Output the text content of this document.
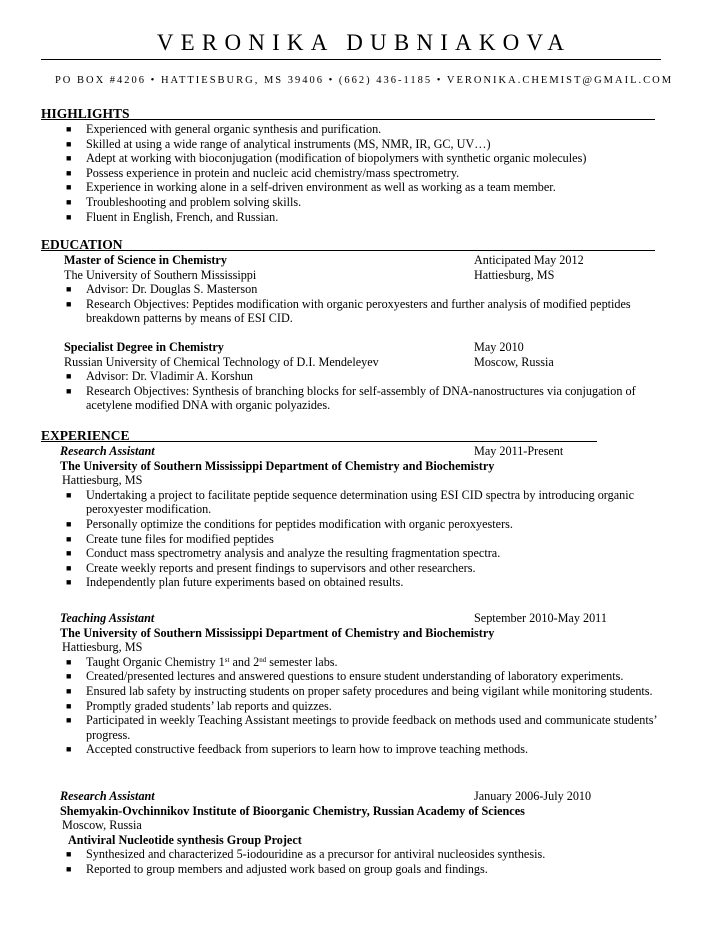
VERONIKA DUBNIAKOVA
PO BOX #4206 • HATTIESBURG, MS 39406 • (662) 436-1185 • VERONIKA.CHEMIST@GMAIL.COM
HIGHLIGHTS
■ Experienced with general organic synthesis and purification.
■ Skilled at using a wide range of analytical instruments (MS, NMR, IR, GC, UV…)
■ Adept at working with bioconjugation (modification of biopolymers with synthetic organic molecules)
■ Possess experience in protein and nucleic acid chemistry/mass spectrometry.
■ Experience in working alone in a self-driven environment as well as working as a team member.
■ Troubleshooting and problem solving skills.
■ Fluent in English, French, and Russian.
EDUCATION
Master of Science in Chemistry	Anticipated May 2012
The University of Southern Mississippi	Hattiesburg, MS
■ Advisor: Dr. Douglas S. Masterson
■ Research Objectives: Peptides modification with organic peroxyesters and further analysis of modified peptides breakdown patterns by means of ESI CID.
Specialist Degree in Chemistry	May 2010
Russian University of Chemical Technology of D.I. Mendeleyev	Moscow, Russia
■ Advisor: Dr. Vladimir A. Korshun
■ Research Objectives: Synthesis of branching blocks for self-assembly of DNA-nanostructures via conjugation of acetylene modified DNA with organic polyazides.
EXPERIENCE
Research Assistant	May 2011-Present
The University of Southern Mississippi Department of Chemistry and Biochemistry
Hattiesburg, MS
■ Undertaking a project to facilitate peptide sequence determination using ESI CID spectra by introducing organic peroxyester modification.
■ Personally optimize the conditions for peptides modification with organic peroxyesters.
■ Create tune files for modified peptides
■ Conduct mass spectrometry analysis and analyze the resulting fragmentation spectra.
■ Create weekly reports and present findings to supervisors and other researchers.
■ Independently plan future experiments based on obtained results.
Teaching Assistant	September 2010-May 2011
The University of Southern Mississippi Department of Chemistry and Biochemistry
Hattiesburg, MS
■ Taught Organic Chemistry 1st and 2nd semester labs.
■ Created/presented lectures and answered questions to ensure student understanding of laboratory experiments.
■ Ensured lab safety by instructing students on proper safety procedures and being vigilant while monitoring students.
■ Promptly graded students’ lab reports and quizzes.
■ Participated in weekly Teaching Assistant meetings to provide feedback on methods used and communicate students’ progress.
■ Accepted constructive feedback from superiors to learn how to improve teaching methods.
Research Assistant	January 2006-July 2010
Shemyakin-Ovchinnikov Institute of Bioorganic Chemistry, Russian Academy of Sciences
Moscow, Russia
Antiviral Nucleotide synthesis Group Project
■ Synthesized and characterized 5-iodouridine as a precursor for antiviral nucleosides synthesis.
■ Reported to group members and adjusted work based on group goals and findings.
